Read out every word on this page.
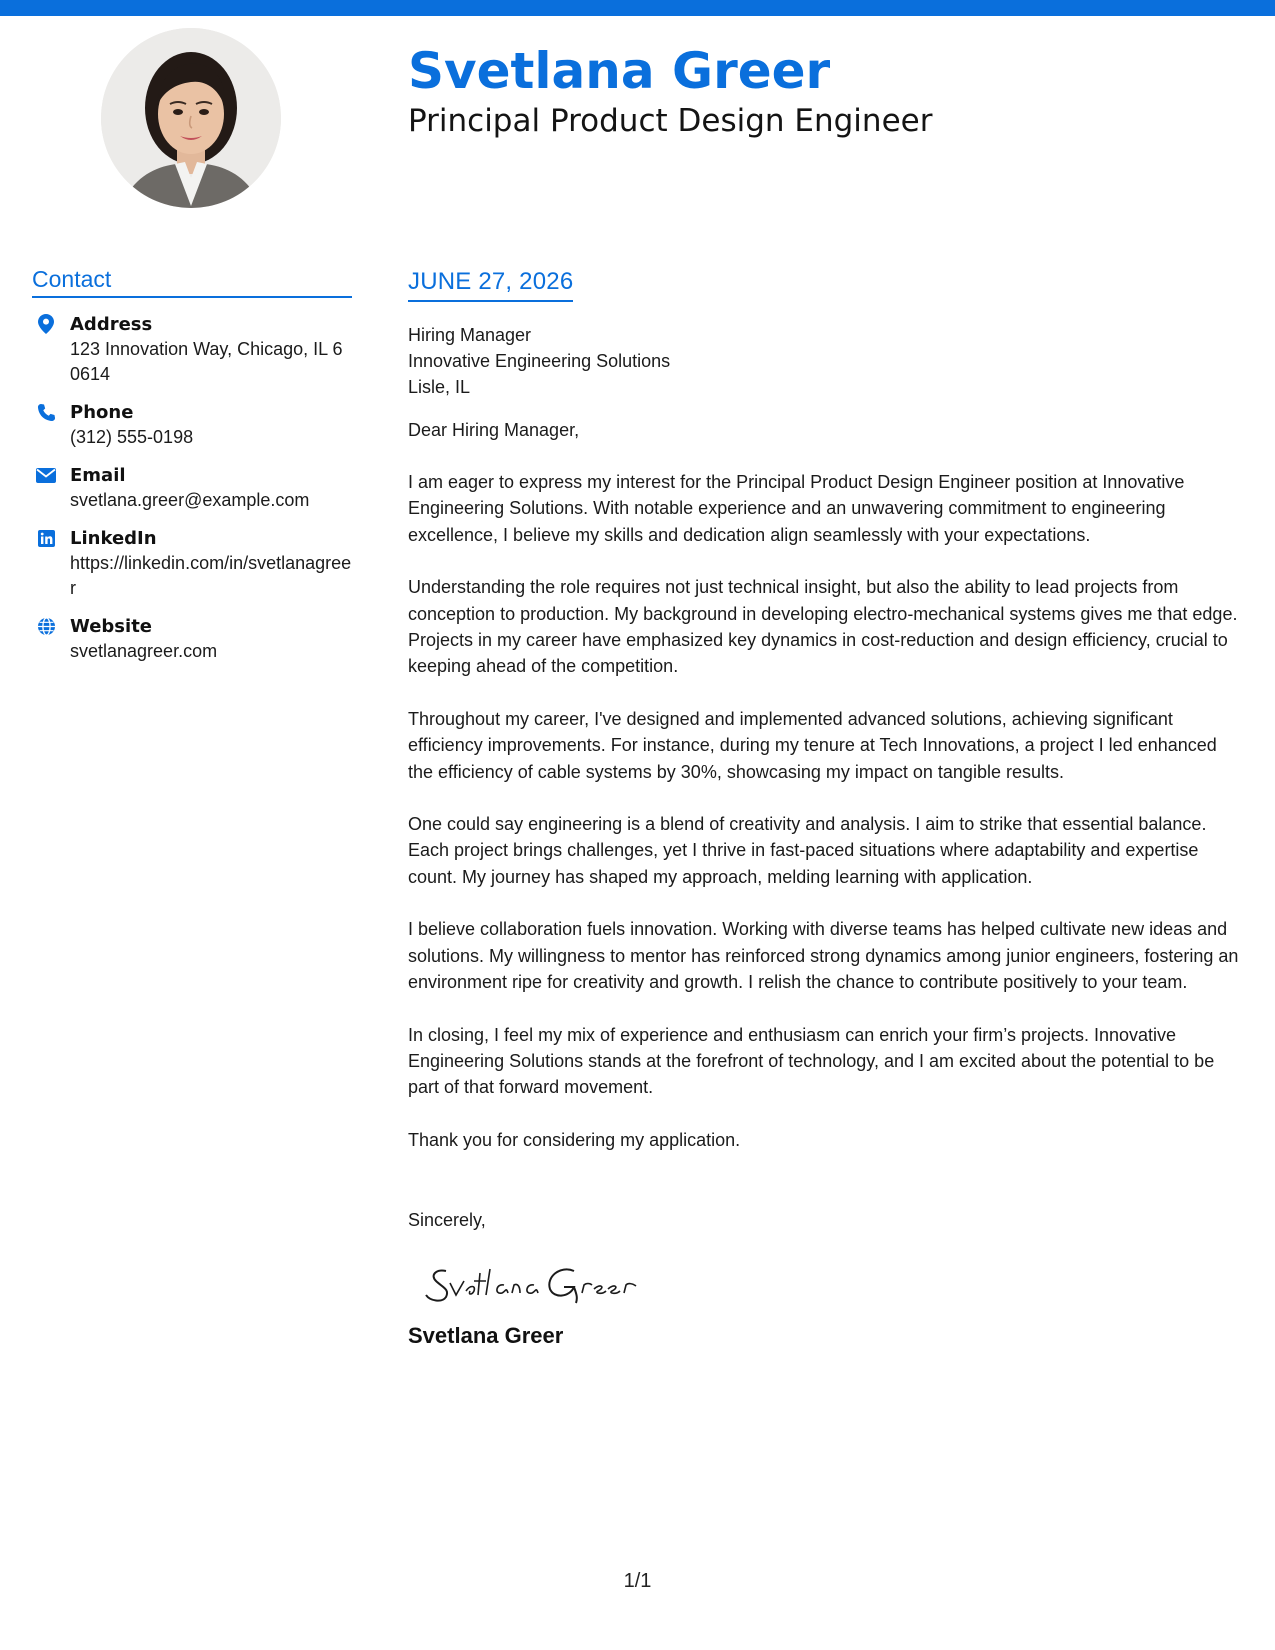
Svetlana Greer
Principal Product Design Engineer
Contact
Address
123 Innovation Way, Chicago, IL 60614
Phone
(312) 555-0198
Email
svetlana.greer@example.com
LinkedIn
https://linkedin.com/in/svetlanagreer
Website
svetlanagreer.com
JUNE 27, 2026
Hiring Manager
Innovative Engineering Solutions
Lisle, IL
Dear Hiring Manager,
I am eager to express my interest for the Principal Product Design Engineer position at Innovative Engineering Solutions. With notable experience and an unwavering commitment to engineering excellence, I believe my skills and dedication align seamlessly with your expectations.
Understanding the role requires not just technical insight, but also the ability to lead projects from conception to production. My background in developing electro-mechanical systems gives me that edge. Projects in my career have emphasized key dynamics in cost-reduction and design efficiency, crucial to keeping ahead of the competition.
Throughout my career, I've designed and implemented advanced solutions, achieving significant efficiency improvements. For instance, during my tenure at Tech Innovations, a project I led enhanced the efficiency of cable systems by 30%, showcasing my impact on tangible results.
One could say engineering is a blend of creativity and analysis. I aim to strike that essential balance. Each project brings challenges, yet I thrive in fast-paced situations where adaptability and expertise count. My journey has shaped my approach, melding learning with application.
I believe collaboration fuels innovation. Working with diverse teams has helped cultivate new ideas and solutions. My willingness to mentor has reinforced strong dynamics among junior engineers, fostering an environment ripe for creativity and growth. I relish the chance to contribute positively to your team.
In closing, I feel my mix of experience and enthusiasm can enrich your firm’s projects. Innovative Engineering Solutions stands at the forefront of technology, and I am excited about the potential to be part of that forward movement.
Thank you for considering my application.
Sincerely,
Svetlana Greer
1/1
